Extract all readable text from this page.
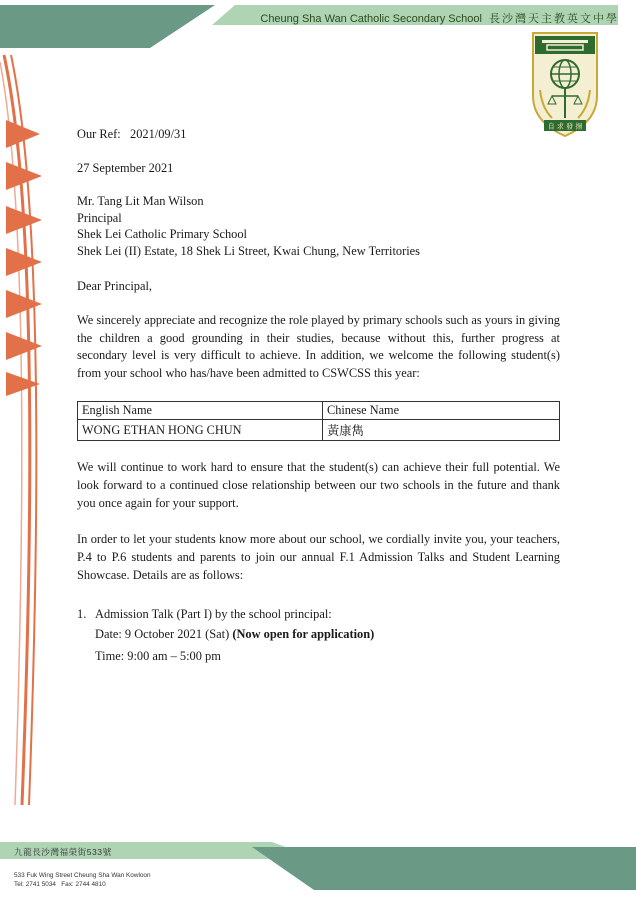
Cheung Sha Wan Catholic Secondary School 長沙灣天主教英文中學
自 求 發 揚
Our Ref: 2021/09/31
27 September 2021
Mr. Tang Lit Man Wilson
Principal
Shek Lei Catholic Primary School
Shek Lei (II) Estate, 18 Shek Li Street, Kwai Chung, New Territories
Dear Principal,
We sincerely appreciate and recognize the role played by primary schools such as yours in giving the children a good grounding in their studies, because without this, further progress at secondary level is very difficult to achieve. In addition, we welcome the following student(s) from your school who has/have been admitted to CSWCSS this year:
English Name	Chinese Name
WONG ETHAN HONG CHUN	黃康雋
We will continue to work hard to ensure that the student(s) can achieve their full potential. We look forward to a continued close relationship between our two schools in the future and thank you once again for your support.
In order to let your students know more about our school, we cordially invite you, your teachers, P.4 to P.6 students and parents to join our annual F.1 Admission Talks and Student Learning Showcase. Details are as follows:
1. Admission Talk (Part I) by the school principal:
Date: 9 October 2021 (Sat) (Now open for application)
Time: 9:00 am – 5:00 pm
九龍長沙灣福榮街533號
533 Fuk Wing Street Cheung Sha Wan Kowloon
Tel: 2741 5034 Fax: 2744 4810
